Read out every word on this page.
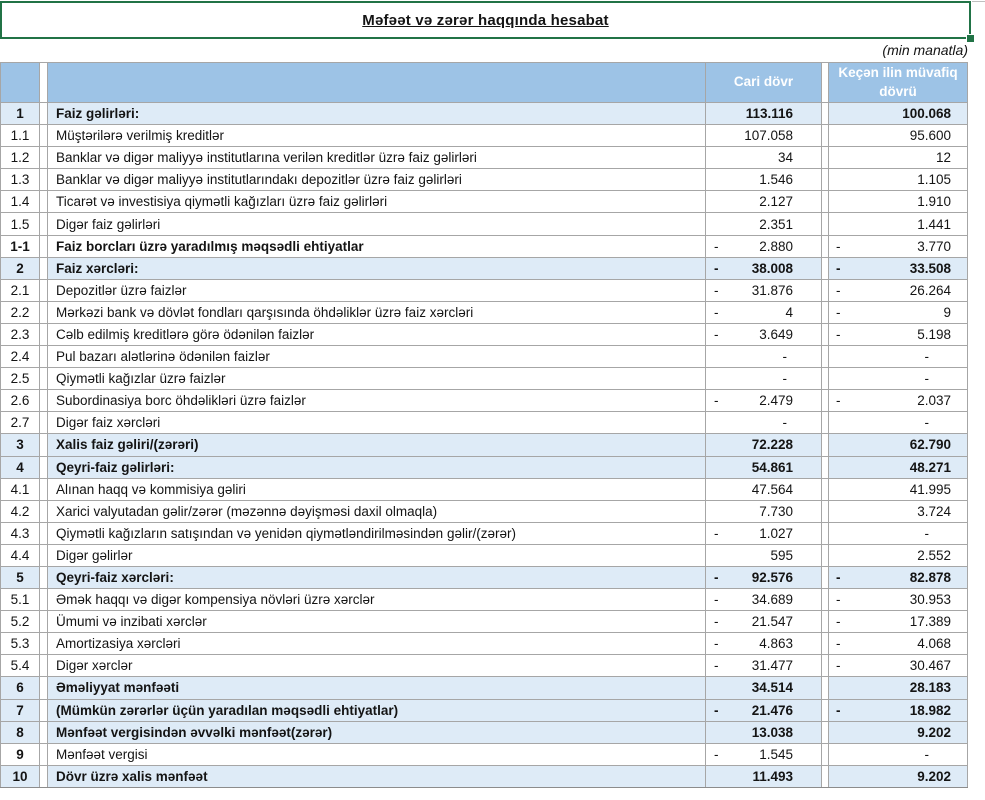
Məfəət və zərər haqqında hesabat
(min manatla)
Cari dövr
Keçən ilin müvafiq dövrü
1 Faiz gəlirləri:	113.116	100.068
1.1 Müştərilərə verilmiş kreditlər	107.058	95.600
1.2 Banklar və digər maliyyə institutlarına verilən kreditlər üzrə faiz gəlirləri	34	12
1.3 Banklar və digər maliyyə institutlarındakı depozitlər üzrə faiz gəlirləri	1.546	1.105
1.4 Ticarət və investisiya qiymətli kağızları üzrə faiz gəlirləri	2.127	1.910
1.5 Digər faiz gəlirləri	2.351	1.441
1-1 Faiz borcları üzrə yaradılmış məqsədli ehtiyatlar	-	2.880	-	3.770
2 Faiz xərcləri:	- 38.008	-	33.508
2.1 Depozitlər üzrə faizlər	- 31.876	-	26.264
2.2 Mərkəzi bank və dövlət fondları qarşısında öhdəliklər üzrə faiz xərcləri	-	4	-	9
2.3 Cəlb edilmiş kreditlərə görə ödənilən faizlər	-	3.649	-	5.198
2.4 Pul bazarı alətlərinə ödənilən faizlər	-	-
2.5 Qiymətli kağızlar üzrə faizlər	-	-
2.6 Subordinasiya borc öhdəlikləri üzrə faizlər	-	2.479	-	2.037
2.7 Digər faiz xərcləri	-	-
3 Xalis faiz gəliri/(zərəri)	72.228	62.790
4 Qeyri-faiz gəlirləri:	54.861	48.271
4.1 Alınan haqq və kommisiya gəliri	47.564	41.995
4.2 Xarici valyutadan gəlir/zərər (məzənnə dəyişməsi daxil olmaqla)	7.730	3.724
4.3 Qiymətli kağızların satışından və yenidən qiymətləndirilməsindən gəlir/(zərər)	-	1.027	-
4.4 Digər gəlirlər	595	2.552
5 Qeyri-faiz xərcləri:	- 92.576	-	82.878
5.1 Əmək haqqı və digər kompensiya növləri üzrə xərclər	- 34.689	-	30.953
5.2 Ümumi və inzibati xərclər	- 21.547	-	17.389
5.3 Amortizasiya xərcləri	-	4.863	-	4.068
5.4 Digər xərclər	- 31.477	-	30.467
6 Əməliyyat mənfəəti	34.514	28.183
7 (Mümkün zərərlər üçün yaradılan məqsədli ehtiyatlar)	- 21.476	-	18.982
8 Mənfəət vergisindən əvvəlki mənfəət(zərər)	13.038	9.202
9 Mənfəət vergisi	-	1.545	-
10 Dövr üzrə xalis mənfəət	11.493	9.202
